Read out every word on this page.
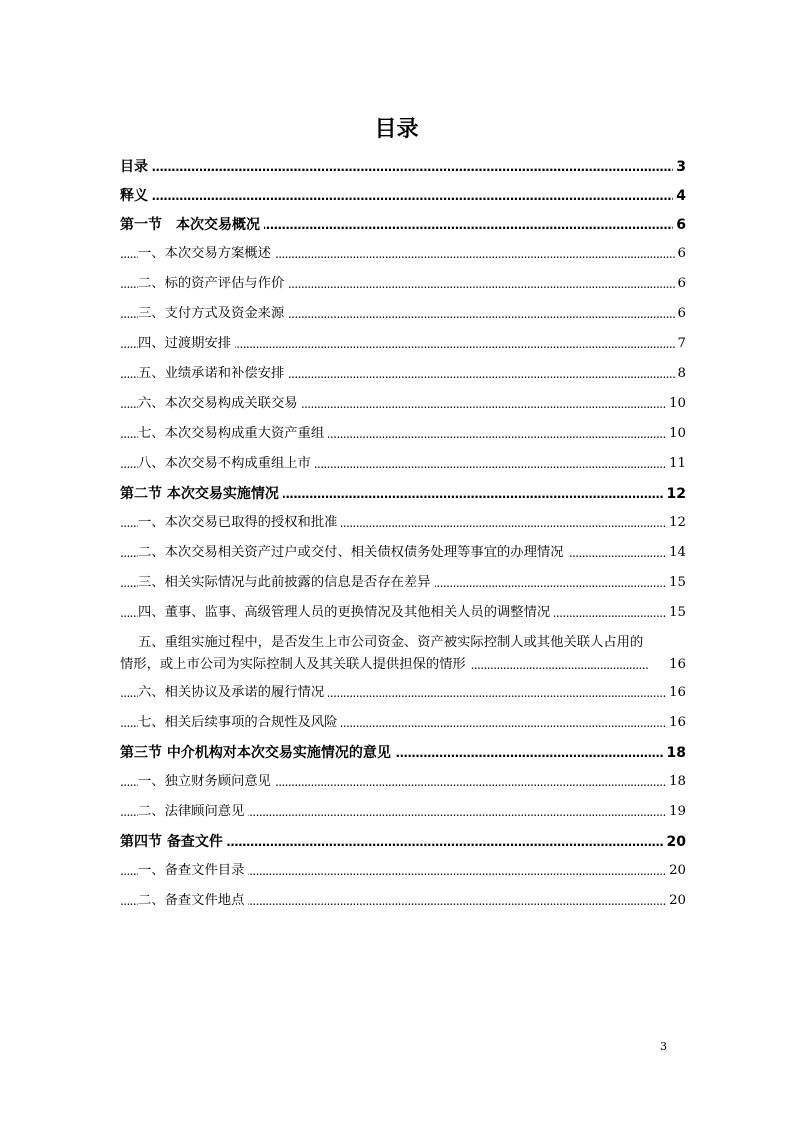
目录
. . . 目录	3
. . . 释义	4
. . . 第一节　本次交易概况	6
. . . 一、本次交易方案概述	6
. . . 二、标的资产评估与作价	6
. . . 三、支付方式及资金来源	6
. . . 四、过渡期安排	7
. . . 五、业绩承诺和补偿安排	8
. . . 六、本次交易构成关联交易	10
. . . 七、本次交易构成重大资产重组	10
. . . 八、本次交易不构成重组上市	11
. . . 第二节 本次交易实施情况	12
. . . 一、本次交易已取得的授权和批准	12
. . . 二、本次交易相关资产过户或交付、相关债权债务处理等事宜的办理情况	14
. . . 三、相关实际情况与此前披露的信息是否存在差异	15
. . . 四、董事、监事、高级管理人员的更换情况及其他相关人员的调整情况	15
. . . 五、重组实施过程中，是否发生上市公司资金、资产被实际控制人或其他关联人占用的情形，或上市公司为实际控制人及其关联人提供担保的情形	16
. . . 六、相关协议及承诺的履行情况	16
. . . 七、相关后续事项的合规性及风险	16
. . . 第三节 中介机构对本次交易实施情况的意见	18
. . . 一、独立财务顾问意见	18
. . . 二、法律顾问意见	19
. . . 第四节 备查文件	20
. . . 一、备查文件目录	20
. . . 二、备查文件地点	20
3
